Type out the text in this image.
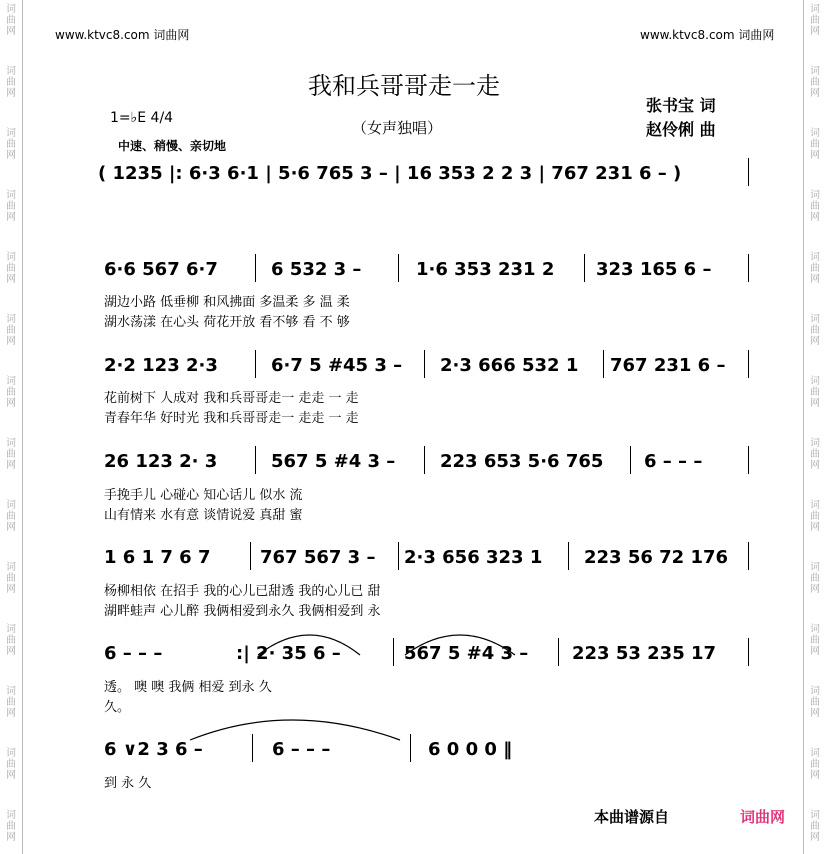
词
曲
网
词
曲
网
词
曲
网
词
曲
网
词
曲
网
词
曲
网
词
曲
网
词
曲
网
词
曲
网
词
曲
网
词
曲
网
词
曲
网
词
曲
网
词
曲
网
词
曲
网
词
曲
网
词
曲
网
词
曲
网
词
曲
网
词
曲
网
词
曲
网
词
曲
网
词
曲
网
词
曲
网
词
曲
网
词
曲
网
词
曲
网
词
曲
网
www.ktvc8.com 词曲网	www.ktvc8.com 词曲网
我和兵哥哥走一走
（女声独唱）
张书宝 词
赵伶俐 曲
1=♭E 4/4
中速、稍慢、亲切地
( 1235 |: 6·3 6·1 | 5·6 765 3 – | 16 353 2 2 3 | 767 231 6 – )
6·6 567 6·7	6 532 3 –	1·6 353 231 2 323 165 6 –
湖边小路 低垂柳 和风拂面 多温柔 多 温 柔
湖水荡漾 在心头 荷花开放 看不够 看 不 够
2·2 123 2·3	6·7 5 #45 3 – 2·3 666 532 1 767 231 6 –
花前树下 人成对 我和兵哥哥走一 走走 一 走
青春年华 好时光 我和兵哥哥走一 走走 一 走
26 123 2· 3	567 5 #4 3 – 223 653 5·6 765 6 – – –
手挽手儿 心碰心 知心话儿 似水 流
山有情来 水有意 谈情说爱 真甜 蜜
1 6 1 7 6 7	767 567 3 – 2·3 656 323 1 223 56 72 176
杨柳相依 在招手 我的心儿已甜透 我的心儿已 甜
湖畔蛙声 心儿醉 我俩相爱到永久 我俩相爱到 永
6 – – –	:| 2· 35 6 –	567 5 #4 3 – 223 53 235 17
透。 噢 噢 我俩 相爱 到永 久
久。
6 ∨2 3 6 –	6 – – –	6 0 0 0 ‖
到 永 久
本曲谱源自	词曲网
